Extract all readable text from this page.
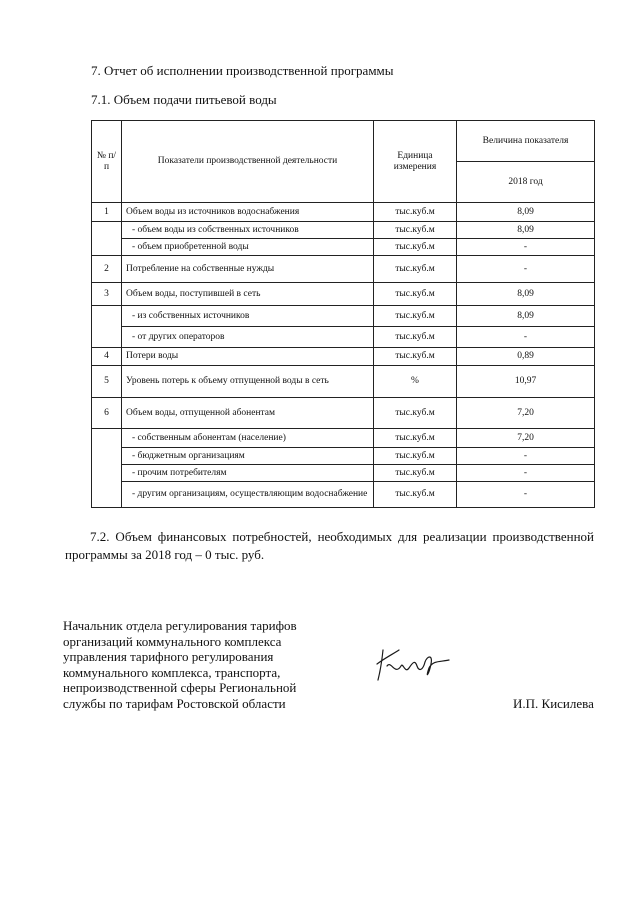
7. Отчет об исполнении производственной программы
7.1. Объем подачи питьевой воды
№ п/п	Показатели производственной деятельности	Единица измерения	Величина показателя
			2018 год
1	Объем воды из источников водоснабжения	тыс.куб.м	8,09
	- объем воды из собственных источников	тыс.куб.м	8,09
	- объем приобретенной воды	тыс.куб.м	-
2	Потребление на собственные нужды	тыс.куб.м	-
3	Объем воды, поступившей в сеть	тыс.куб.м	8,09
	- из собственных источников	тыс.куб.м	8,09
	- от других операторов	тыс.куб.м	-
4	Потери воды	тыс.куб.м	0,89
5	Уровень потерь к объему отпущенной воды в сеть	%	10,97
6	Объем воды, отпущенной абонентам	тыс.куб.м	7,20
	- собственным абонентам (население)	тыс.куб.м	7,20
	- бюджетным организациям	тыс.куб.м	-
	- прочим потребителям	тыс.куб.м	-
	- другим организациям, осуществляющим водоснабжение	тыс.куб.м	-
7.2. Объем финансовых потребностей, необходимых для реализации производственной программы за 2018 год – 0 тыс. руб.
Начальник отдела регулирования тарифов
организаций коммунального комплекса
управления тарифного регулирования
коммунального комплекса, транспорта,
непроизводственной сферы Региональной
службы по тарифам Ростовской области	И.П. Кисилева
